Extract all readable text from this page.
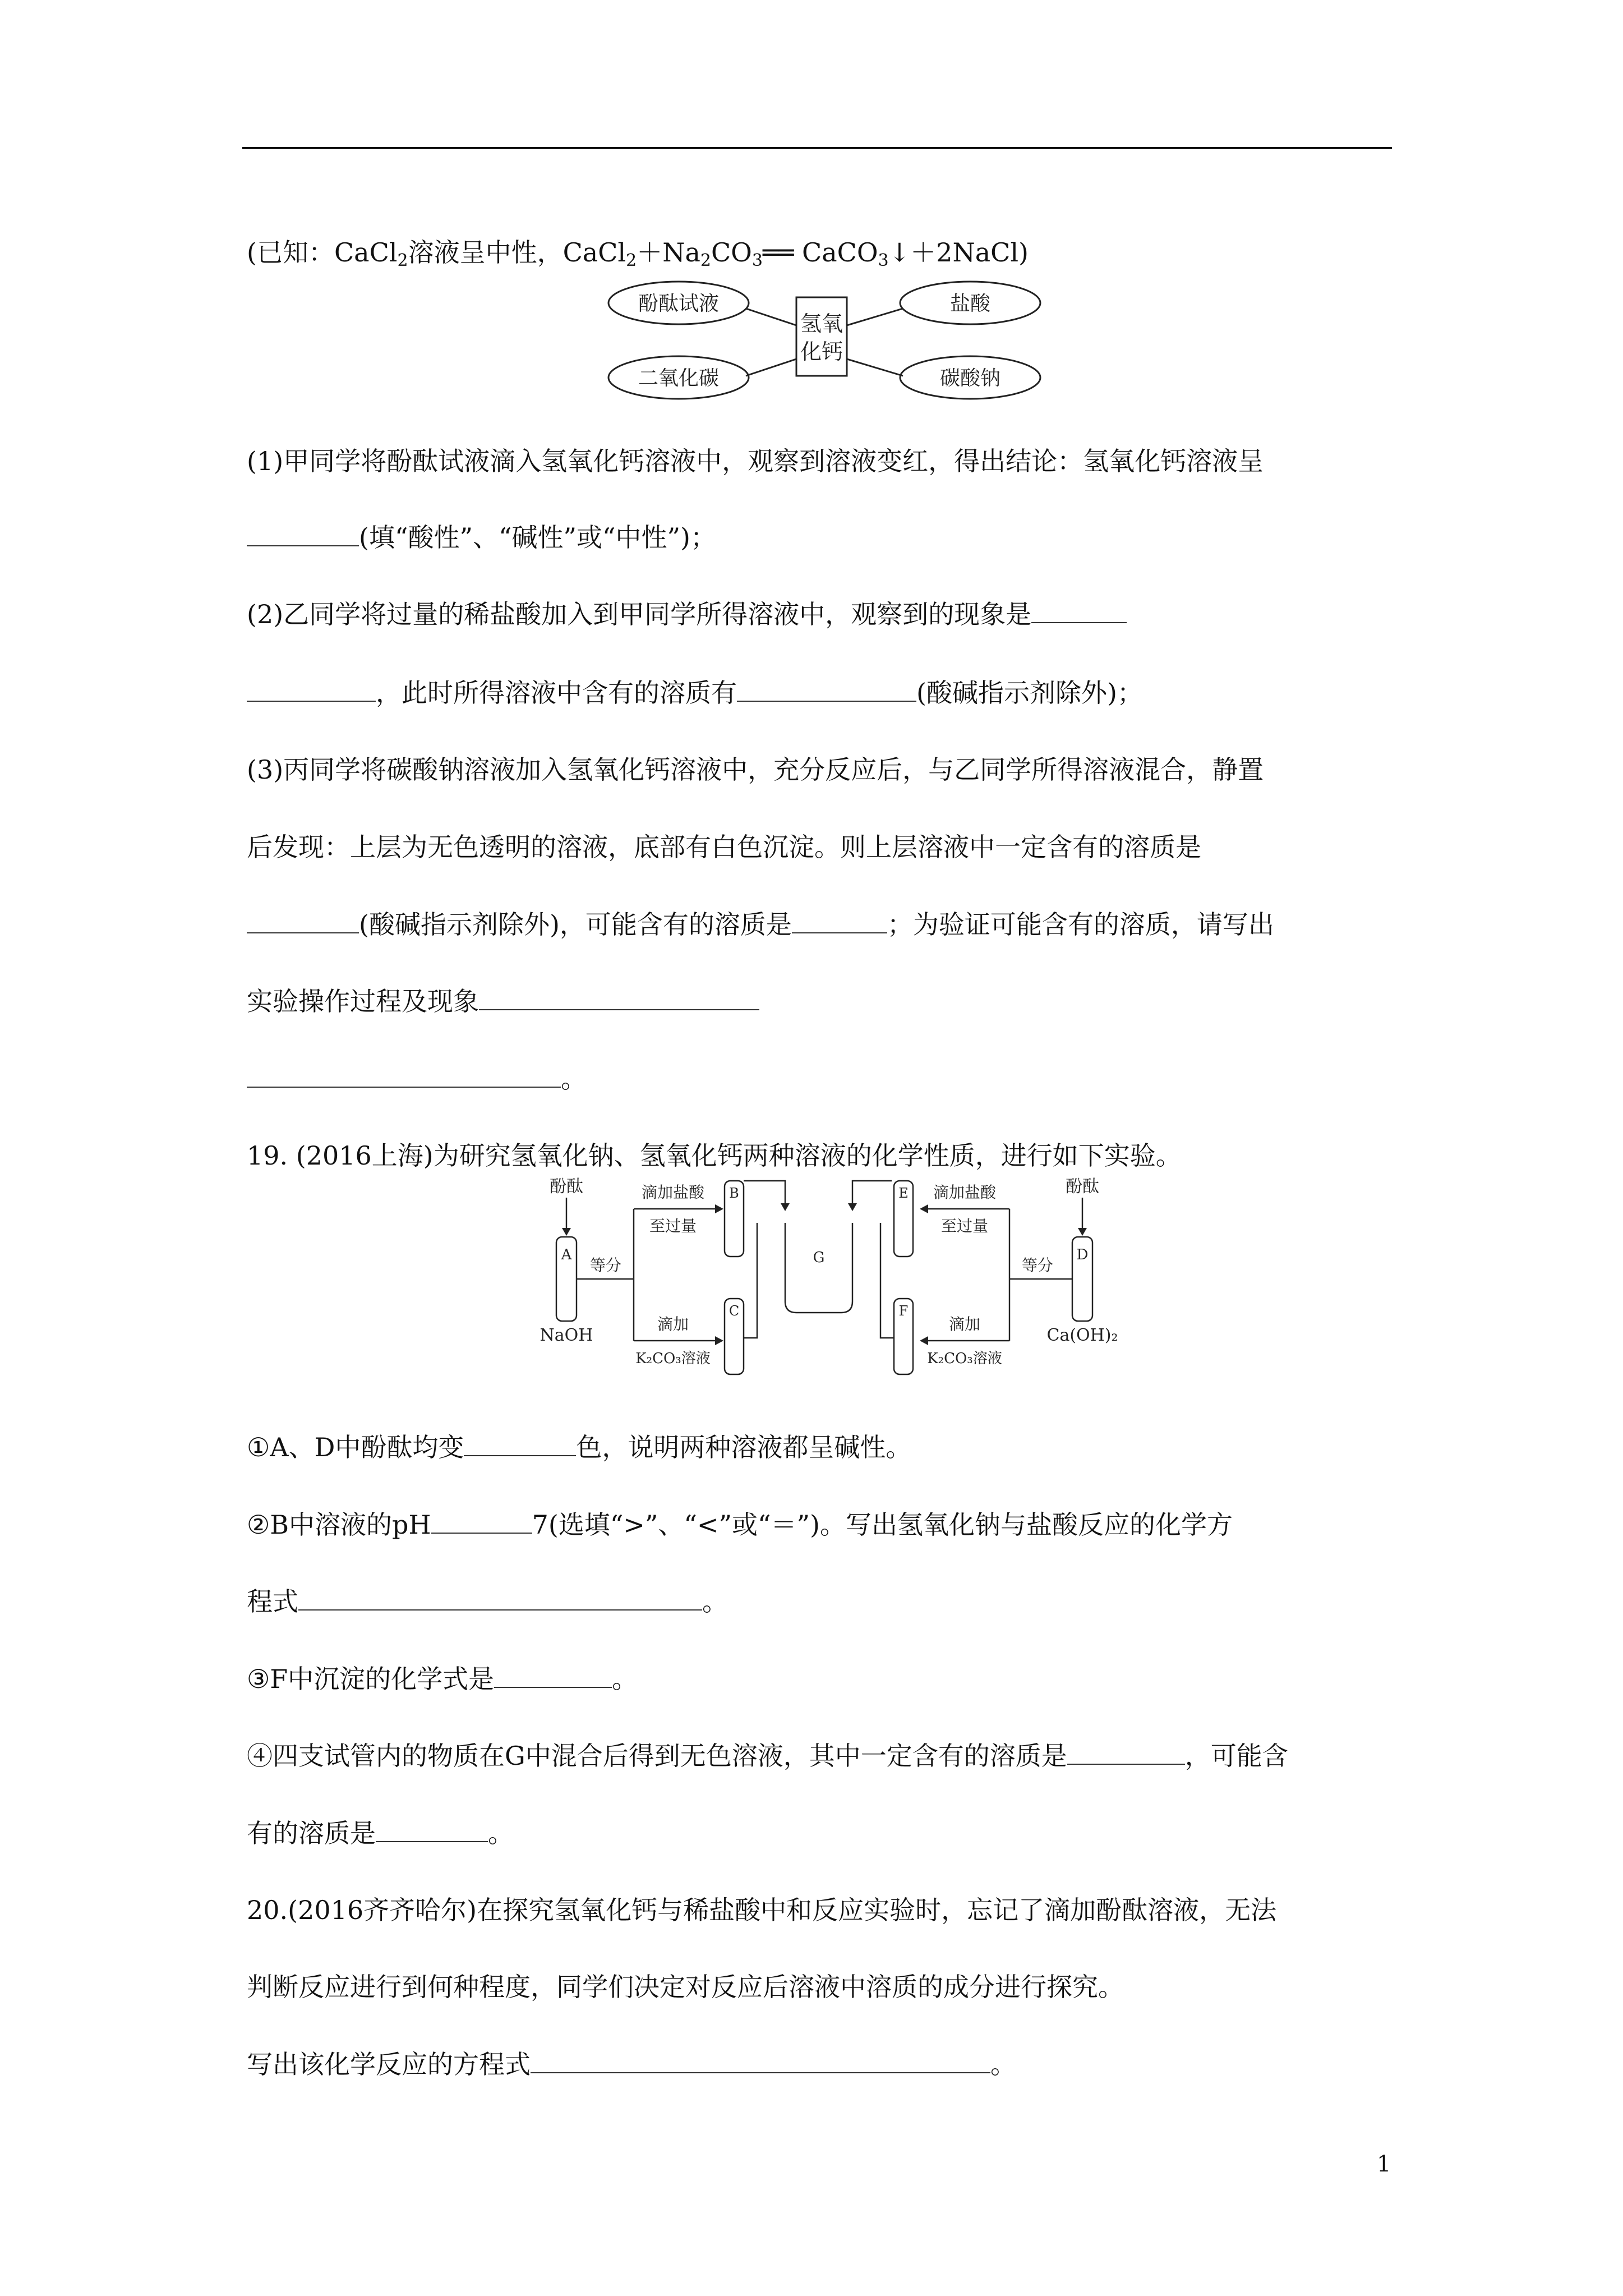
(已知：CaCl2溶液呈中性，CaCl2＋Na2CO3══ CaCO3↓＋2NaCl)
氢氧
化钙
酚酞试液	盐酸
二氧化碳	碳酸钠
(1)甲同学将酚酞试液滴入氢氧化钙溶液中，观察到溶液变红，得出结论：氢氧化钙溶液呈
(填“酸性”、“碱性”或“中性”)；
(2)乙同学将过量的稀盐酸加入到甲同学所得溶液中，观察到的现象是
，此时所得溶液中含有的溶质有	(酸碱指示剂除外)；
(3)丙同学将碳酸钠溶液加入氢氧化钙溶液中，充分反应后，与乙同学所得溶液混合，静置
后发现：上层为无色透明的溶液，底部有白色沉淀。则上层溶液中一定含有的溶质是
(酸碱指示剂除外)，可能含有的溶质是	；为验证可能含有的溶质，请写出
实验操作过程及现象
。
19. (2016上海)为研究氢氧化钠、氢氧化钙两种溶液的化学性质，进行如下实验。
酚酞
A
NaOH
等分
滴加盐酸
至过量
滴加
K₂CO₃溶液
B
C
G
E
F
滴加盐酸
至过量
滴加
K₂CO₃溶液
等分
酚酞
D
Ca(OH)₂
①A、D中酚酞均变	色，说明两种溶液都呈碱性。
②B中溶液的pH	7(选填“>”、“<”或“＝”)。写出氢氧化钠与盐酸反应的化学方
程式	。
③F中沉淀的化学式是	。
④四支试管内的物质在G中混合后得到无色溶液，其中一定含有的溶质是	，可能含
有的溶质是	。
20.(2016齐齐哈尔)在探究氢氧化钙与稀盐酸中和反应实验时，忘记了滴加酚酞溶液，无法
判断反应进行到何种程度，同学们决定对反应后溶液中溶质的成分进行探究。
写出该化学反应的方程式	。
1
